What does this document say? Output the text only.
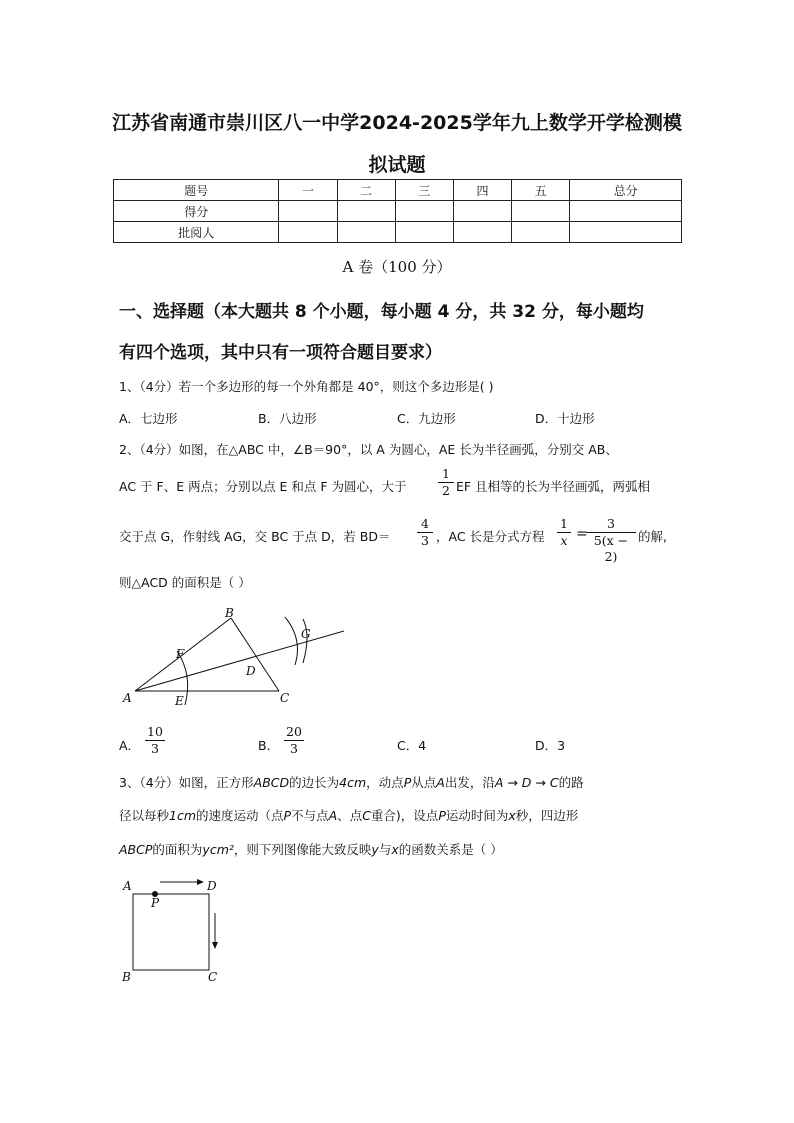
江苏省南通市崇川区八一中学2024-2025学年九上数学开学检测模
拟试题
题号	一	二	三	四	五	总分
得分						
批阅人						
A 卷（100 分）
一、选择题（本大题共 8 个小题，每小题 4 分，共 32 分，每小题均
有四个选项，其中只有一项符合题目要求）
1、（4分）若一个多边形的每一个外角都是 40°，则这个多边形是( )
A．七边形	B．八边形	C．九边形	D．十边形
2、（4分）如图，在△ABC 中，∠B＝90°，以 A 为圆心，AE 长为半径画弧，分别交 AB、
AC 于 F、E 两点；分别以点 E 和点 F 为圆心，大于	$\frac{1}{2}$ EF 且相等的长为半径画弧，两弧相
交于点 G，作射线 AG，交 BC 于点 D，若 $BD= \frac{4}{3}$ ，AC 长是分式方程 $\frac{1}{x}$ =
$\frac{3}{5(x - 2)}$ 的解,
则△ACD 的面积是（ ）
A
B
C
D
E
F
G
A． $\frac{10}{3}$	B． $\frac{20}{3}$	C．4	D．3
3、（4分）如图，正方形ABCD的边长为4cm，动点P从点A出发，沿A → D → C的路
径以每秒1cm的速度运动（点P不与点A、点C重合)，设点P运动时间为x秒，四边形
ABCP的面积为ycm²，则下列图像能大致反映y与x的函数关系是（ ）
A	D
B	C
P
